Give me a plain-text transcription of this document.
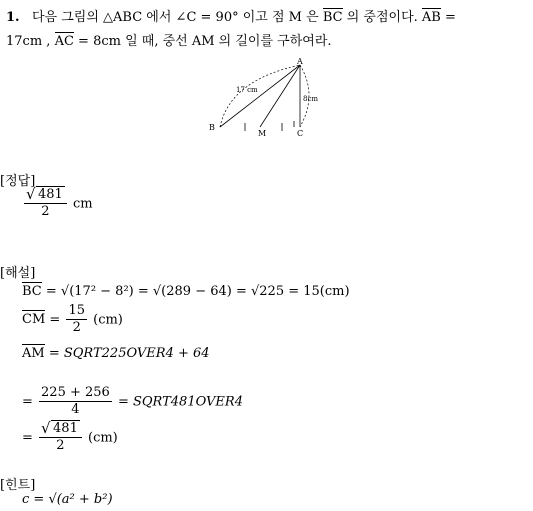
1. 다음 그림의 △ABC 에서 ∠C = 90° 이고 점 M 은 BC 의 중점이다. AB =
17cm , AC = 8cm 일 때, 중선 AM 의 길이를 구하여라.
A
B
C
M
17 cm
8cm
[정답]
√ $\frac{481}{2}$ cm
[해설]
BC = √(17² − 8²) = √(289 − 64) = √225 = 15(cm)
CM = $\frac{15}{2} (cm)$
AM = SQRT225OVER4 + 64
= $\frac{225 + 256}{4}$ = SQRT481OVER4
=
√ $\frac{481}{2} (cm)$
[힌트]
c = √(a² + b²)
